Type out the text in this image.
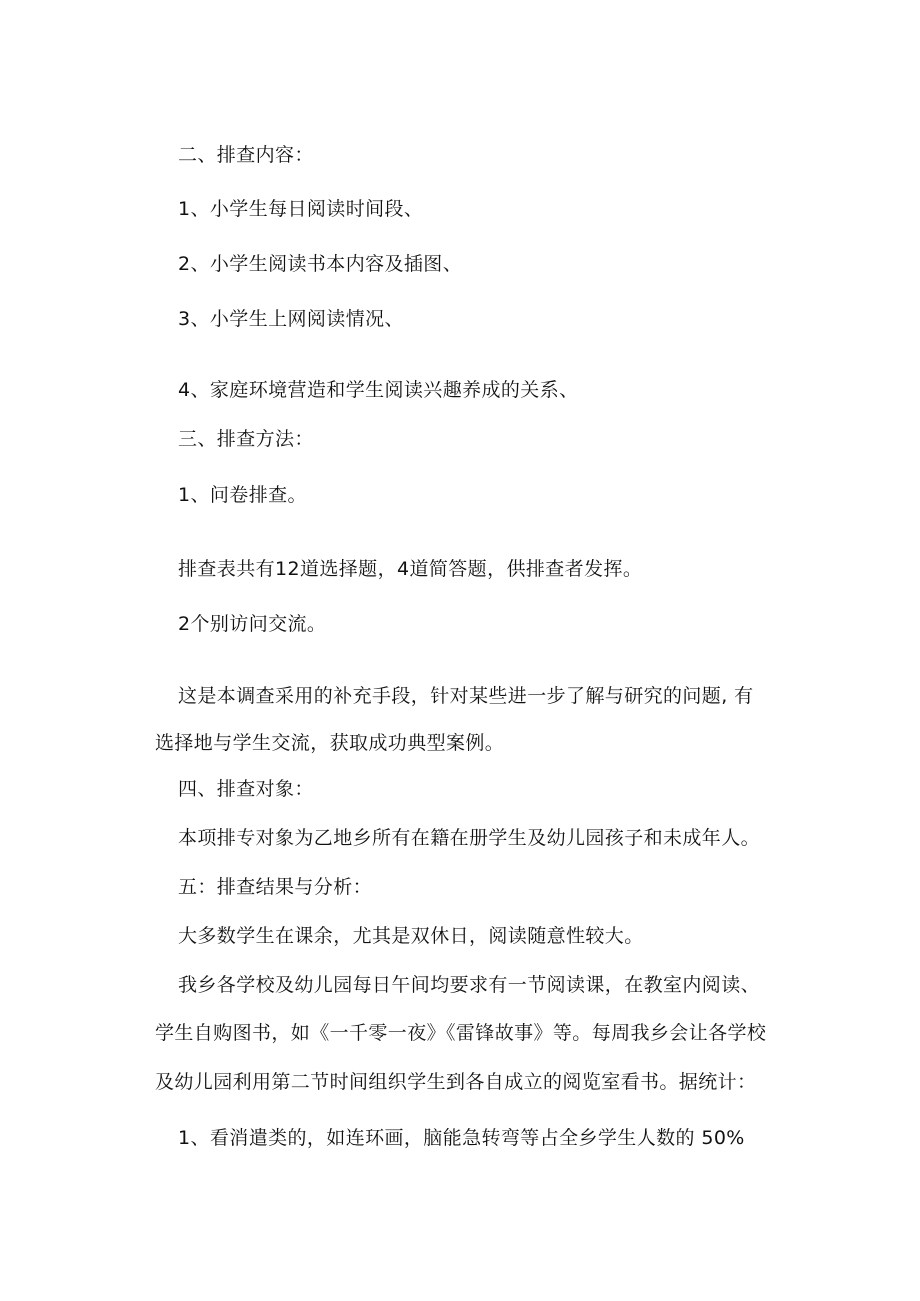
二、排查内容：
1、小学生每日阅读时间段、
2、小学生阅读书本内容及插图、
3、小学生上网阅读情况、
4、家庭环境营造和学生阅读兴趣养成的关系、
三、排查方法：
1、问卷排查。
排查表共有12道选择题，4道简答题，供排查者发挥。
2个别访问交流。
这是本调查采用的补充手段，针对某些进一步了解与研究的问题, 有
选择地与学生交流，获取成功典型案例。
四、排查对象：
本项排专对象为乙地乡所有在籍在册学生及幼儿园孩子和未成年人。
五：排查结果与分析：
大多数学生在课余，尤其是双休日，阅读随意性较大。
我乡各学校及幼儿园每日午间均要求有一节阅读课，在教室内阅读、
学生自购图书，如《一千零一夜》《雷锋故事》等。每周我乡会让各学校
及幼儿园利用第二节时间组织学生到各自成立的阅览室看书。据统计：
1、看消遣类的，如连环画，脑能急转弯等占全乡学生人数的 50%
